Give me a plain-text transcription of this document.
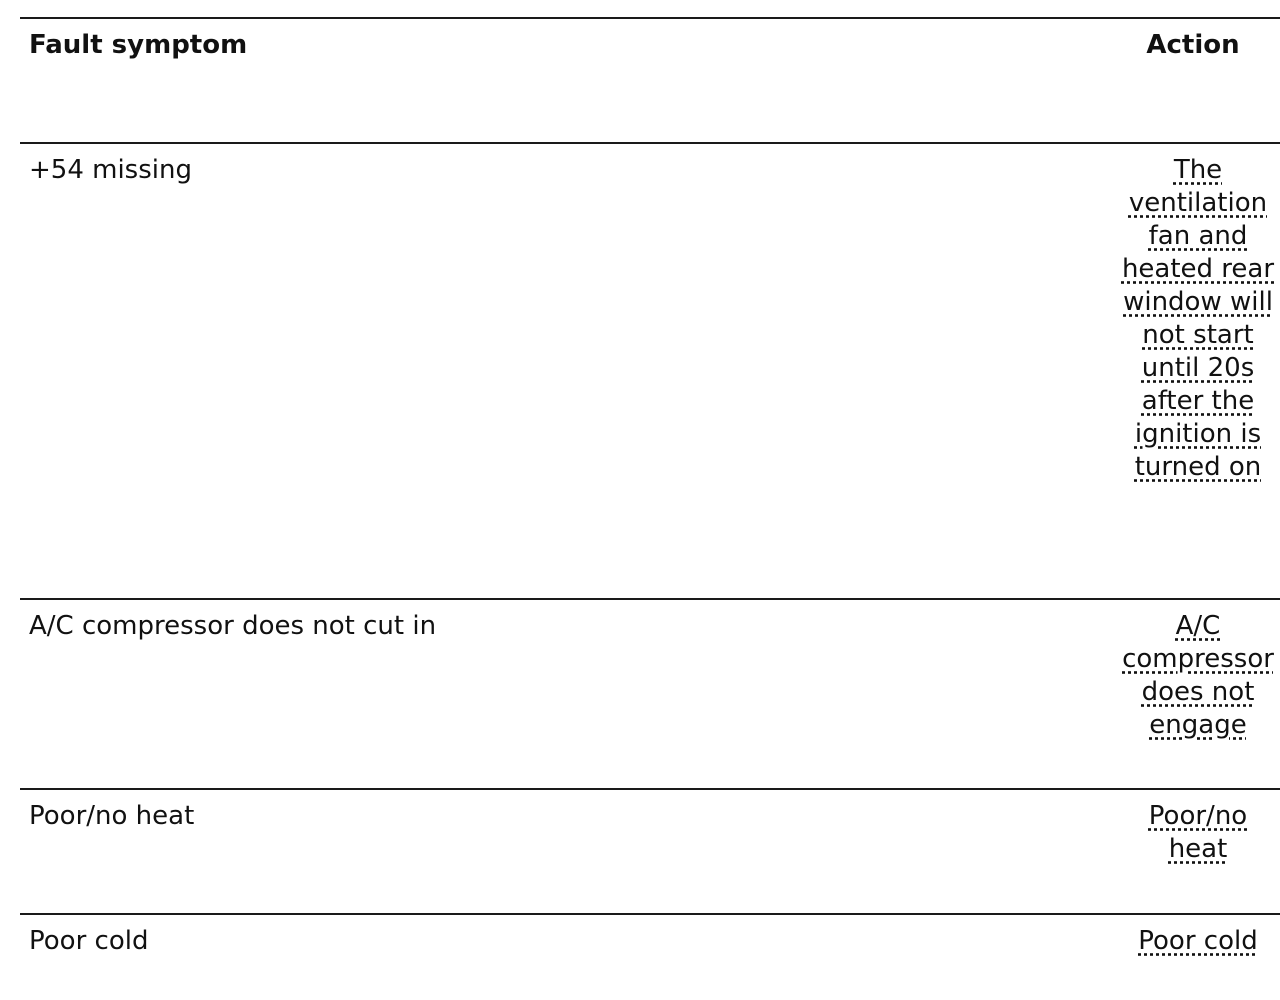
Fault symptom	Action
+54 missing	The ventilation fan and heated rear window will not start until 20s after the ignition is turned on
A/C compressor does not cut in	A/C compressor does not engage
Poor/no heat	Poor/no heat
Poor cold	Poor cold
